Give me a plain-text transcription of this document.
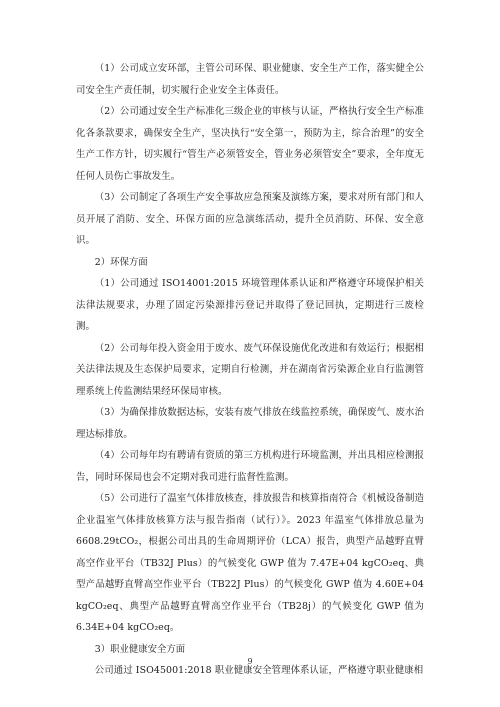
（1）公司成立安环部，主管公司环保、职业健康、安全生产工作，落实健全公司安全生产责任制，切实履行企业安全主体责任。

（2）公司通过安全生产标准化三级企业的审核与认证，严格执行安全生产标准化各条款要求，确保安全生产，坚决执行“安全第一，预防为主，综合治理”的安全生产工作方针，切实履行“管生产必须管安全，管业务必须管安全”要求，全年度无任何人员伤亡事故发生。

（3）公司制定了各项生产安全事故应急预案及演练方案，要求对所有部门和人员开展了消防、安全、环保方面的应急演练活动，提升全员消防、环保、安全意识。

2）环保方面

（1）公司通过 ISO14001:2015 环境管理体系认证和严格遵守环境保护相关法律法规要求，办理了固定污染源排污登记并取得了登记回执，定期进行三废检测。

（2）公司每年投入资金用于废水、废气环保设施优化改进和有效运行；根据相关法律法规及生态保护局要求，定期自行检测，并在湖南省污染源企业自行监测管理系统上传监测结果经环保局审核。

（3）为确保排放数据达标，安装有废气排放在线监控系统，确保废气、废水治理达标排放。

（4）公司每年均有聘请有资质的第三方机构进行环境监测，并出具相应检测报告，同时环保局也会不定期对我司进行监督性监测。

（5）公司进行了温室气体排放核查，排放报告和核算指南符合《机械设备制造企业温室气体排放核算方法与报告指南（试行）》。2023 年温室气体排放总量为 6608.29tCO₂，根据公司出具的生命周期评价（LCA）报告，典型产品越野直臂高空作业平台（TB32J Plus）的气候变化 GWP 值为 7.47E+04 kgCO₂eq、典型产品越野直臂高空作业平台（TB22J Plus）的气候变化 GWP 值为 4.60E+04 kgCO₂eq、典型产品越野直臂高空作业平台（TB28j）的气候变化 GWP 值为 6.34E+04 kgCO₂eq。

3）职业健康安全方面

公司通过 ISO45001:2018 职业健康安全管理体系认证，严格遵守职业健康相

9
